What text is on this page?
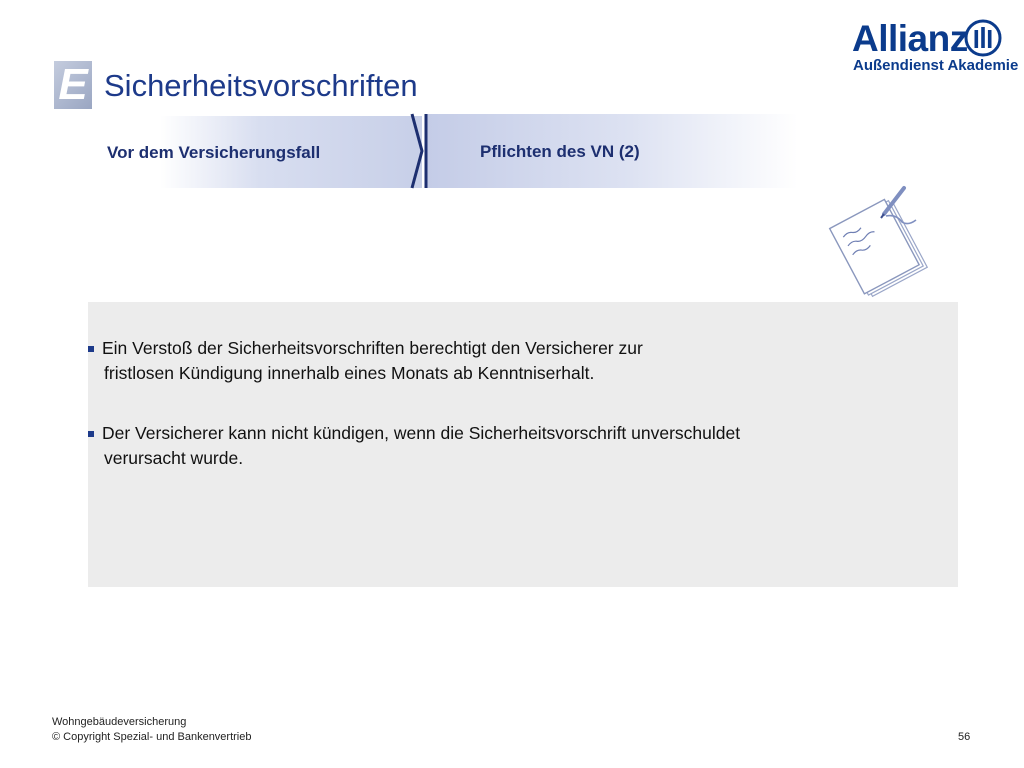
E Sicherheitsvorschriften
Allianz
Außendienst Akademie
Vor dem Versicherungsfall	Pflichten des VN (2)
Ein Verstoß der Sicherheitsvorschriften berechtigt den Versicherer zur
fristlosen Kündigung innerhalb eines Monats ab Kenntniserhalt.
Der Versicherer kann nicht kündigen, wenn die Sicherheitsvorschrift unverschuldet
verursacht wurde.
Wohngebäudeversicherung
© Copyright Spezial- und Bankenvertrieb	56
